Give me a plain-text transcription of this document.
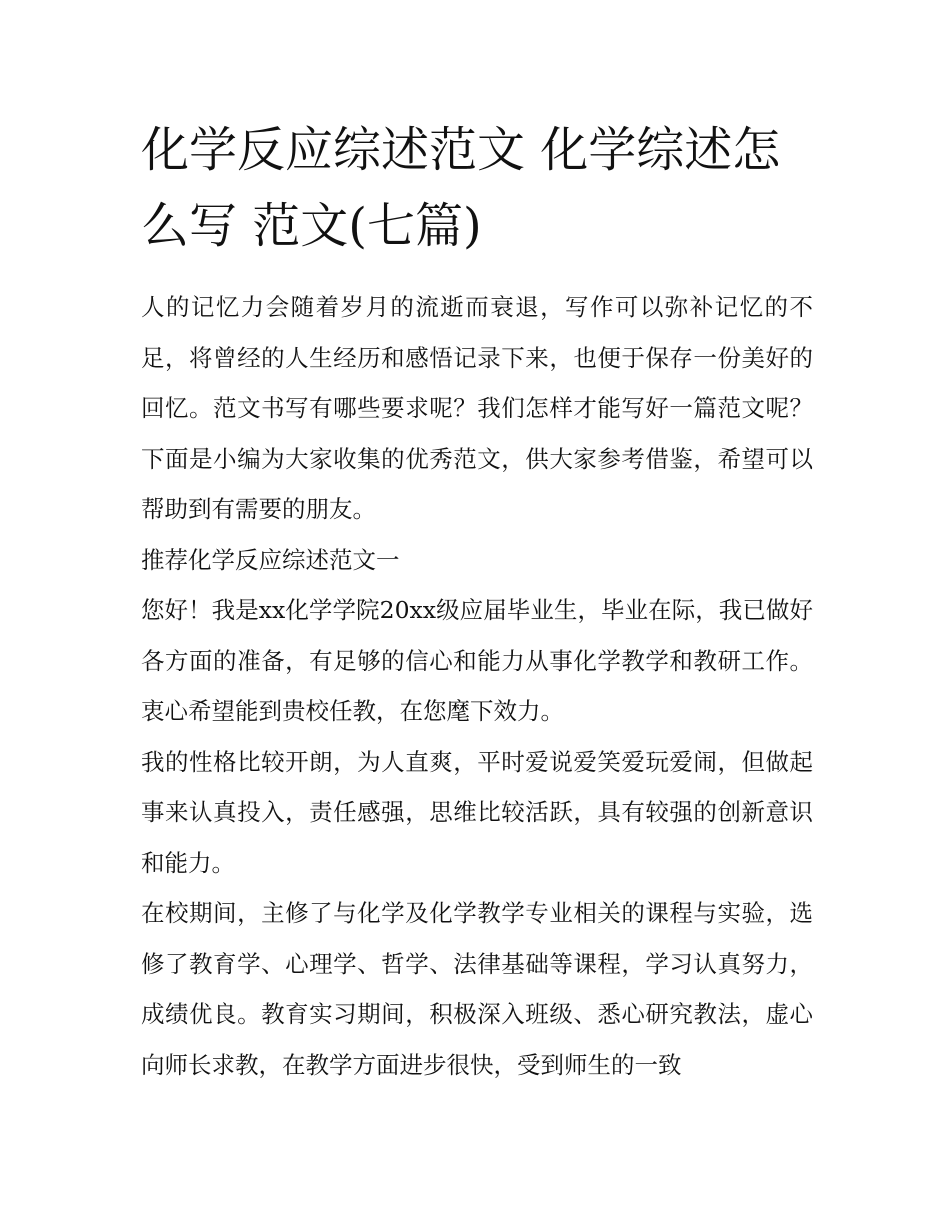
化学反应综述范文 化学综述怎么写 范文(七篇)

人的记忆力会随着岁月的流逝而衰退，写作可以弥补记忆的不足，将曾经的人生经历和感悟记录下来，也便于保存一份美好的回忆。范文书写有哪些要求呢？我们怎样才能写好一篇范文呢？下面是小编为大家收集的优秀范文，供大家参考借鉴，希望可以帮助到有需要的朋友。

推荐化学反应综述范文一

您好！我是xx化学学院20xx级应届毕业生，毕业在际，我已做好各方面的准备，有足够的信心和能力从事化学教学和教研工作。衷心希望能到贵校任教，在您麾下效力。

我的性格比较开朗，为人直爽，平时爱说爱笑爱玩爱闹，但做起事来认真投入，责任感强，思维比较活跃，具有较强的创新意识和能力。

在校期间，主修了与化学及化学教学专业相关的课程与实验，选修了教育学、心理学、哲学、法律基础等课程，学习认真努力，成绩优良。教育实习期间，积极深入班级、悉心研究教法，虚心向师长求教，在教学方面进步很快，受到师生的一致
